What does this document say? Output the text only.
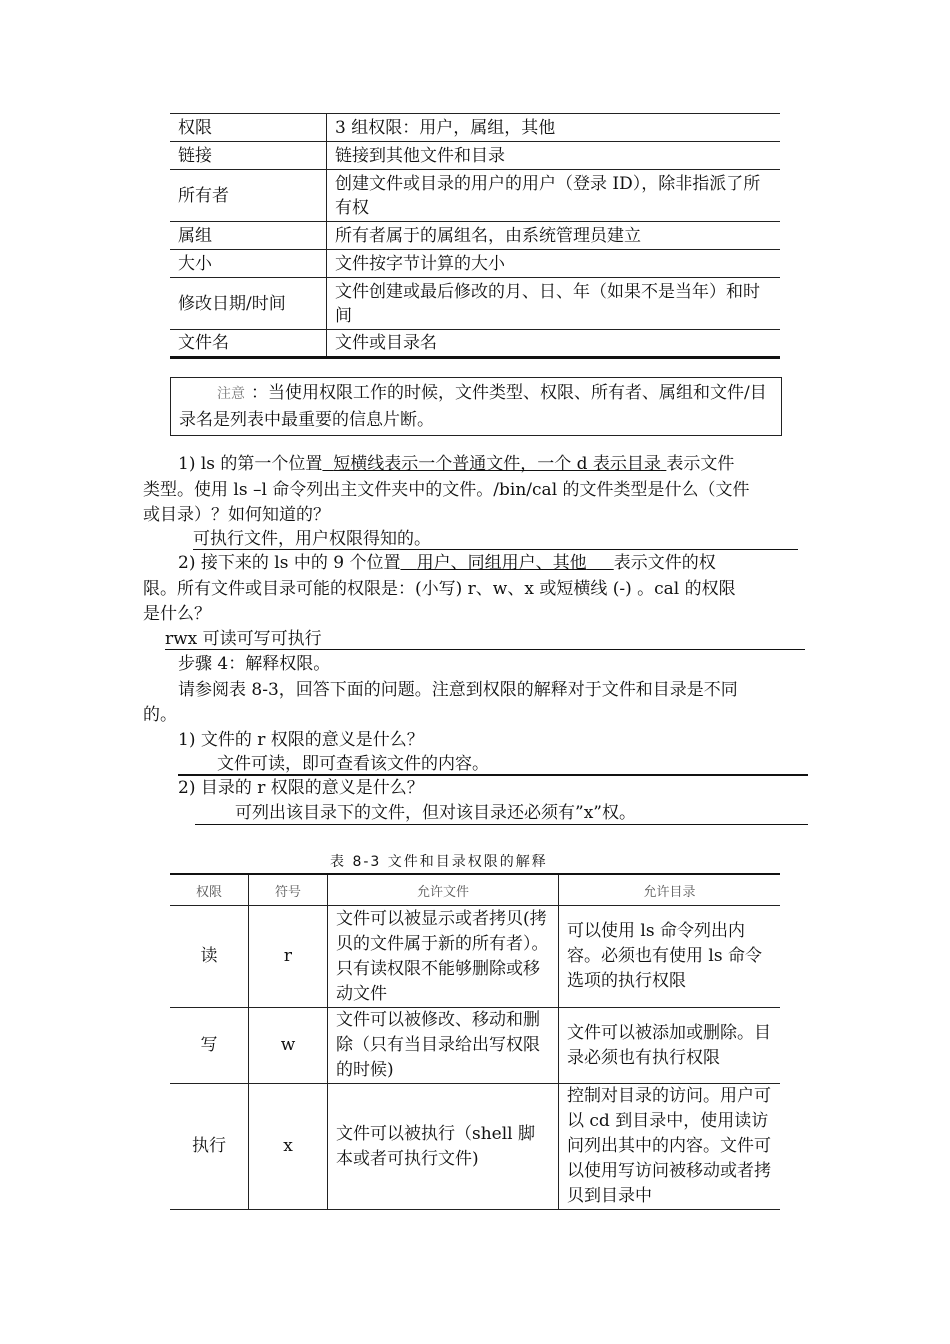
权限	3 组权限：用户，属组，其他
链接	链接到其他文件和目录
所有者	创建文件或目录的用户的用户（登录 ID），除非指派了所有权
属组	所有者属于的属组名，由系统管理员建立
大小	文件按字节计算的大小
修改日期/时间	文件创建或最后修改的月、日、年（如果不是当年）和时间
文件名	文件或目录名
注意 ：当使用权限工作的时候，文件类型、权限、所有者、属组和文件/目录名是列表中最重要的信息片断。
1) ls 的第一个位置 短横线表示一个普通文件，一个 d 表示目录 表示文件
类型。使用 ls –l 命令列出主文件夹中的文件。/bin/cal 的文件类型是什么（文件
或目录）？如何知道的？
可执行文件，用户权限得知的。
2) 接下来的 ls 中的 9 个位置 用户、同组用户、其他 表示文件的权
限。所有文件或目录可能的权限是：(小写) r、w、x 或短横线 (-) 。cal 的权限
是什么？
rwx 可读可写可执行
步骤 4：解释权限。
请参阅表 8-3，回答下面的问题。注意到权限的解释对于文件和目录是不同
的。
1) 文件的 r 权限的意义是什么？
文件可读，即可查看该文件的内容。
2) 目录的 r 权限的意义是什么？
可列出该目录下的文件，但对该目录还必须有”x”权。
表 8-3 文件和目录权限的解释
权限	符号	允许文件	允许目录
读	r	文件可以被显示或者拷贝(拷贝的文件属于新的所有者）。只有读权限不能够删除或移动文件	可以使用 ls 命令列出内容。必须也有使用 ls 命令选项的执行权限
写	w	文件可以被修改、移动和删除（只有当目录给出写权限的时候)	文件可以被添加或删除。目录必须也有执行权限
执行	x	文件可以被执行（shell 脚本或者可执行文件)	控制对目录的访问。用户可以 cd 到目录中，使用读访问列出其中的内容。文件可以使用写访问被移动或者拷贝到目录中
